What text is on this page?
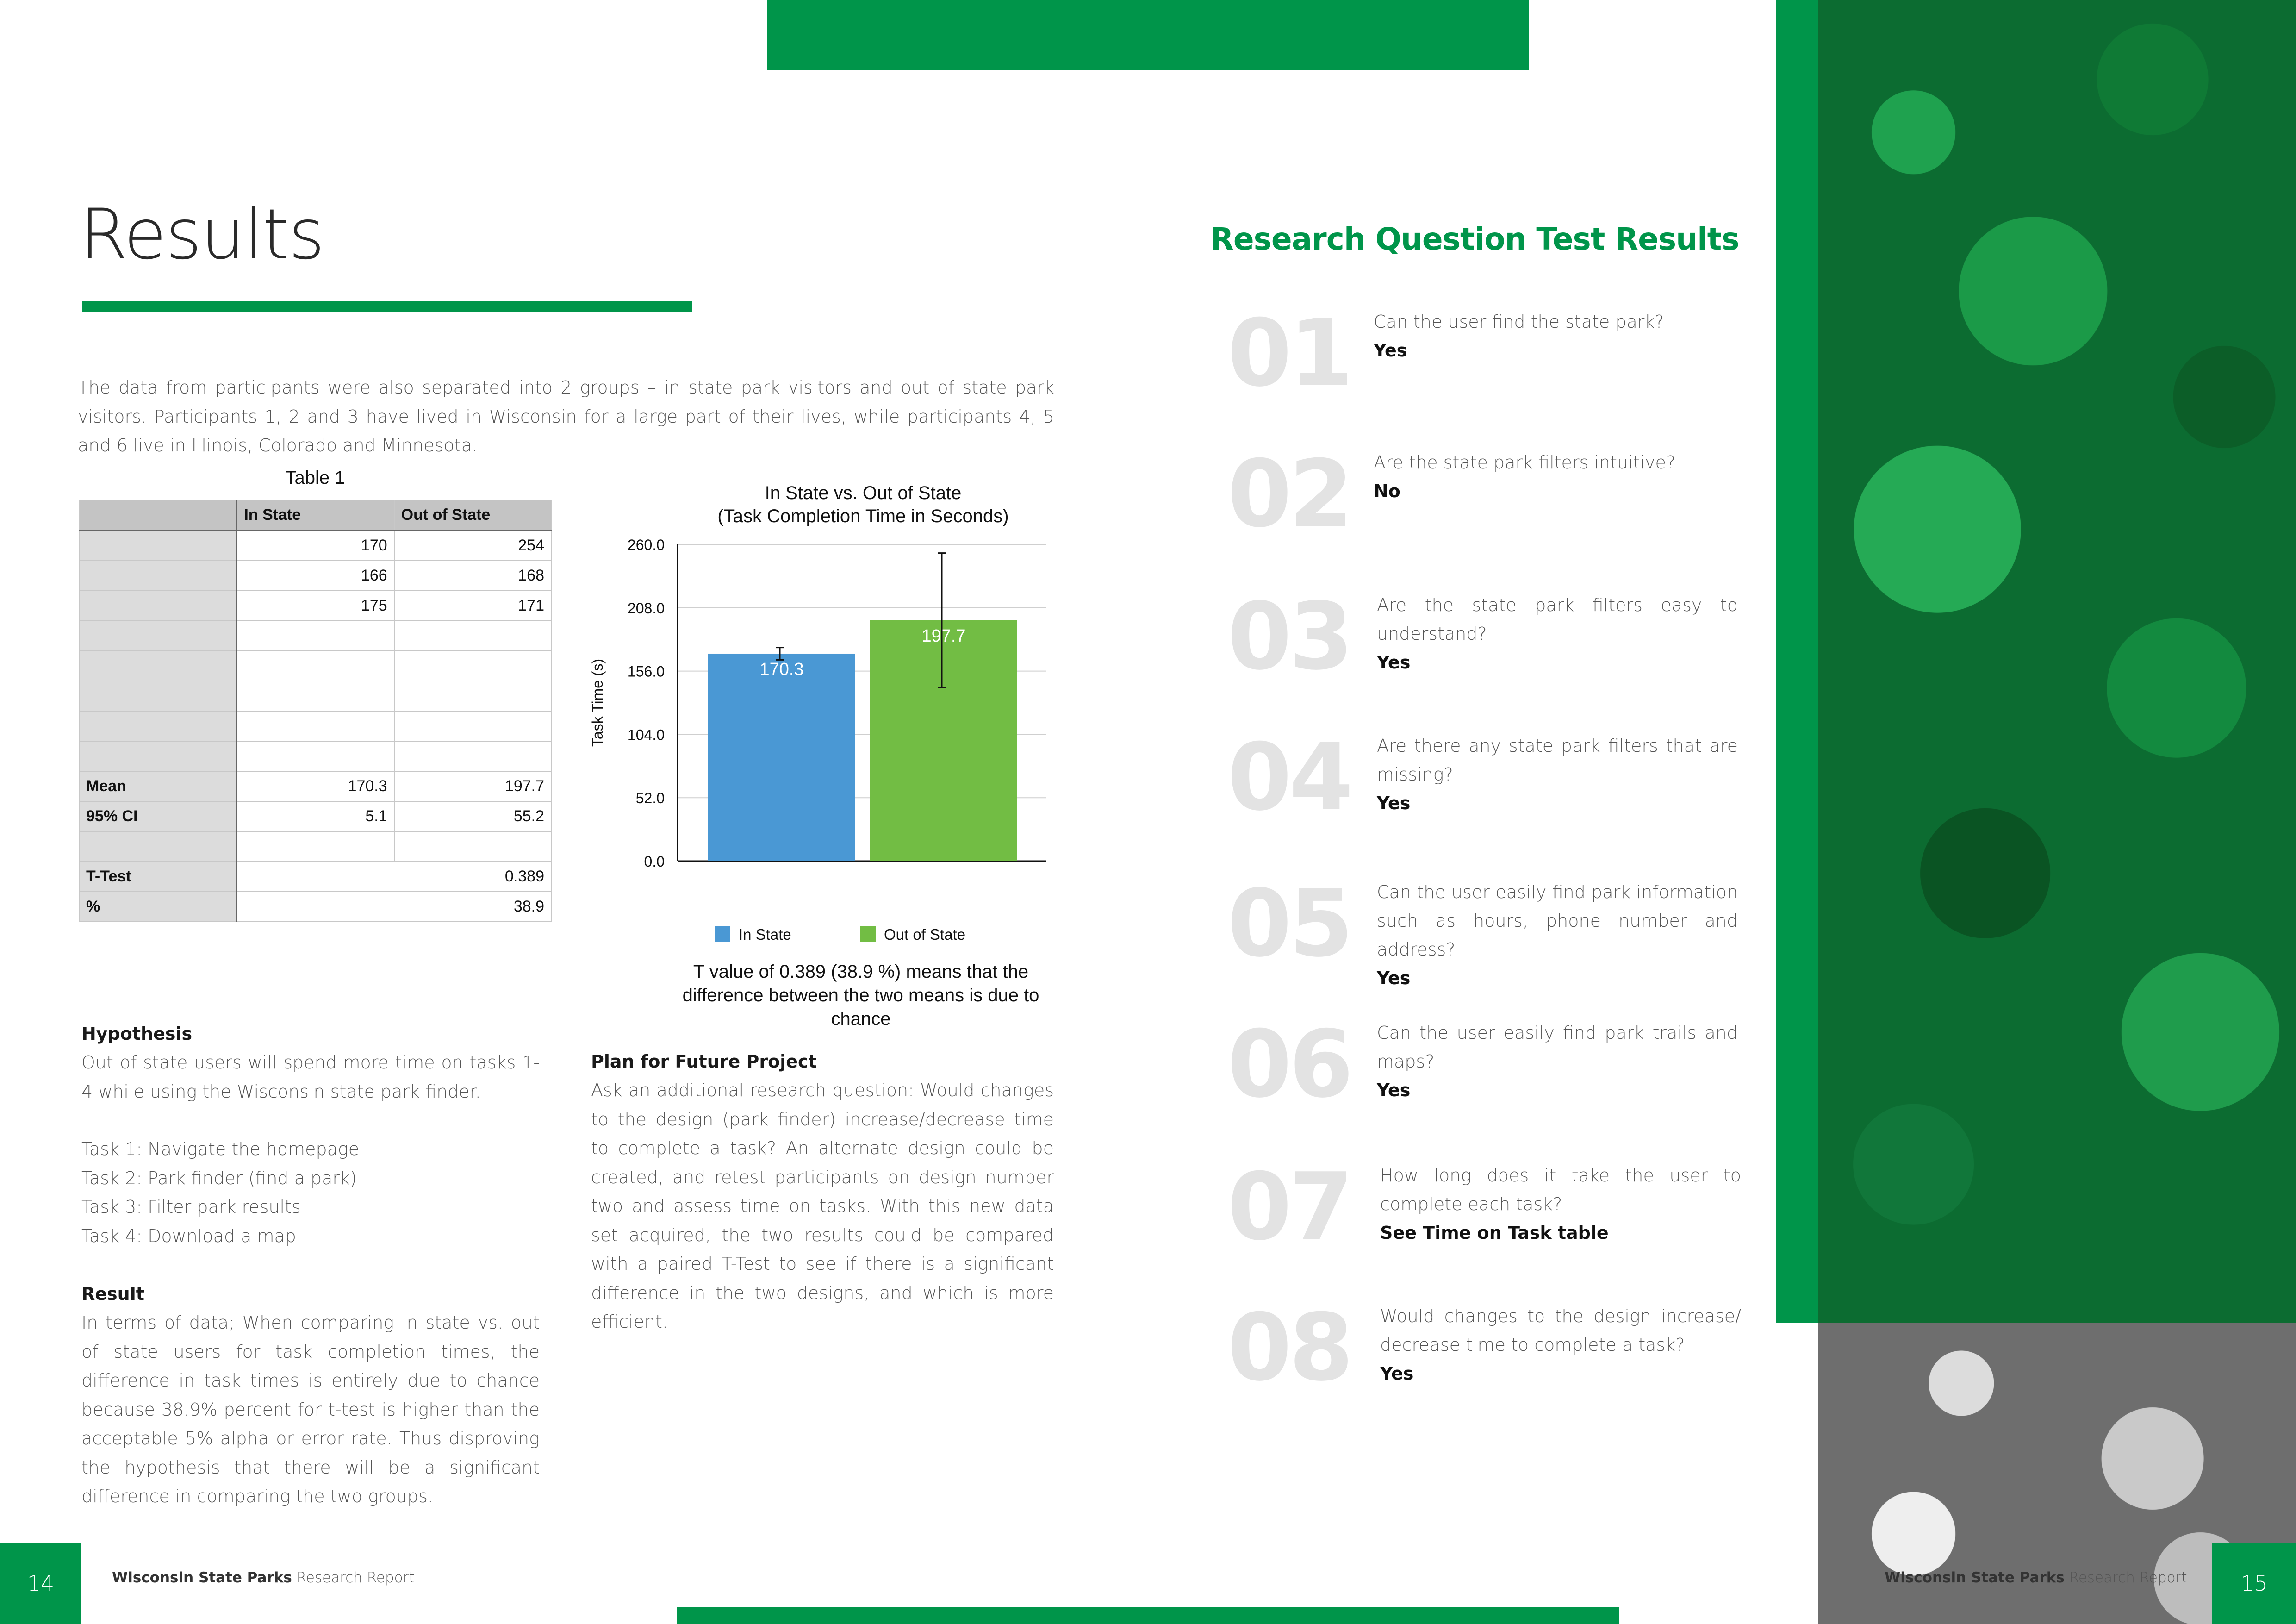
Results
The data from participants were also separated into 2 groups – in state park visitors and out of state park visitors. Participants 1, 2 and 3 have lived in Wisconsin for a large part of their lives, while participants 4, 5 and 6 live in Illinois, Colorado and Minnesota.
Table 1
	In State	Out of State
	170	254
	166	168
	175	171

Mean	170.3	197.7
95% CI	5.1	55.2

T-Test	0.389	
%	38.9	
In State vs. Out of State
(Task Completion Time in Seconds)
260.0
208.0
156.0
104.0
52.0
0.0
Task Time (s)	170.3
197.7
In State	Out of State
T value of 0.389 (38.9 %) means that the difference between the two means is due to chance
Hypothesis
Out of state users will spend more time on tasks 1-4 while using the Wisconsin state park finder.
Task 1: Navigate the homepage
Task 2: Park finder (find a park)
Task 3: Filter park results
Task 4: Download a map
Result
In terms of data; When comparing in state vs. out of state users for task completion times, the difference in task times is entirely due to chance because 38.9% percent for t-test is higher than the acceptable 5% alpha or error rate. Thus disproving the hypothesis that there will be a significant difference in comparing the two groups.
Plan for Future Project
Ask an additional research question: Would changes to the design (park finder) increase/decrease time to complete a task? An alternate design could be created, and retest participants on design number two and assess time on tasks. With this new data set acquired, the two results could be compared with a paired T-Test to see if there is a significant difference in the two designs, and which is more efficient.
14	Wisconsin State Parks Research Report
Research Question Test Results
01 Can the user find the state park?
Yes
02 Are the state park filters intuitive?
No
03 Are the state park filters easy to understand?
Yes
04 Are there any state park filters that are missing?
Yes
05 Can the user easily find park information such as hours, phone number and address?
Yes
06 Can the user easily find park trails and maps?
Yes
07 How long does it take the user to complete each task?
See Time on Task table
08 Would changes to the design increase/ decrease time to complete a task?
Yes
Wisconsin State Parks Research Report	15
